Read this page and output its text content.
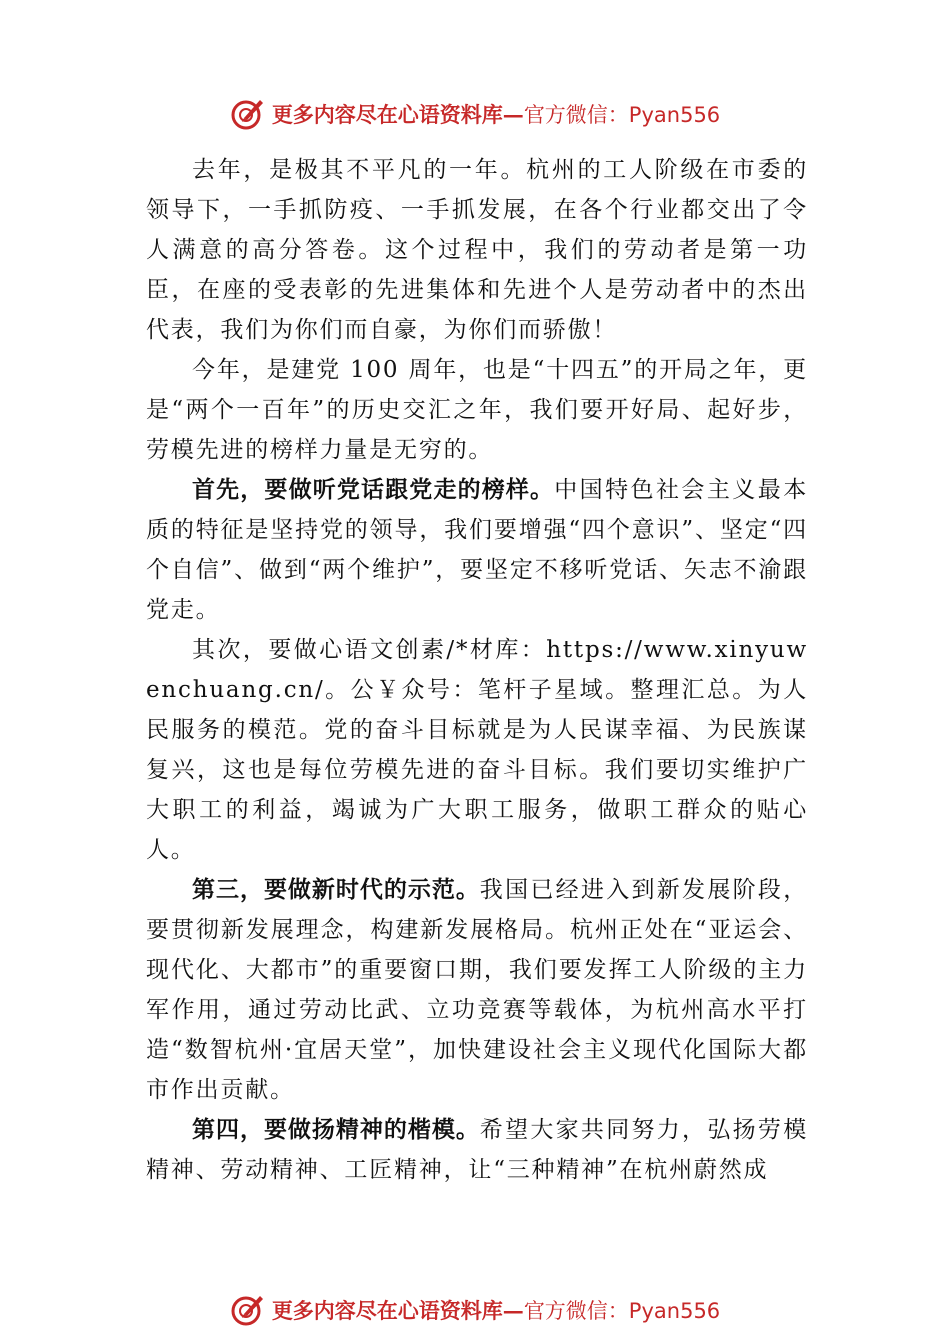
更多内容尽在心语资料库—官方微信：Pyan556

去年，是极其不平凡的一年。杭州的工人阶级在市委的领导下，一手抓防疫、一手抓发展，在各个行业都交出了令人满意的高分答卷。这个过程中，我们的劳动者是第一功臣，在座的受表彰的先进集体和先进个人是劳动者中的杰出代表，我们为你们而自豪，为你们而骄傲！

今年，是建党 100 周年，也是“十四五”的开局之年，更是“两个一百年”的历史交汇之年，我们要开好局、起好步，劳模先进的榜样力量是无穷的。

首先，要做听党话跟党走的榜样。中国特色社会主义最本质的特征是坚持党的领导，我们要增强“四个意识”、坚定“四个自信”、做到“两个维护”，要坚定不移听党话、矢志不渝跟党走。

其次，要做心语文创素/*材库：https://www.xinyuwenchuang.cn/。公￥众号：笔杆子星域。整理汇总。为人民服务的模范。党的奋斗目标就是为人民谋幸福、为民族谋复兴，这也是每位劳模先进的奋斗目标。我们要切实维护广大职工的利益，竭诚为广大职工服务，做职工群众的贴心人。

第三，要做新时代的示范。我国已经进入到新发展阶段，要贯彻新发展理念，构建新发展格局。杭州正处在“亚运会、现代化、大都市”的重要窗口期，我们要发挥工人阶级的主力军作用，通过劳动比武、立功竞赛等载体，为杭州高水平打造“数智杭州·宜居天堂”，加快建设社会主义现代化国际大都市作出贡献。

第四，要做扬精神的楷模。希望大家共同努力，弘扬劳模精神、劳动精神、工匠精神，让“三种精神”在杭州蔚然成

更多内容尽在心语资料库—官方微信：Pyan556
